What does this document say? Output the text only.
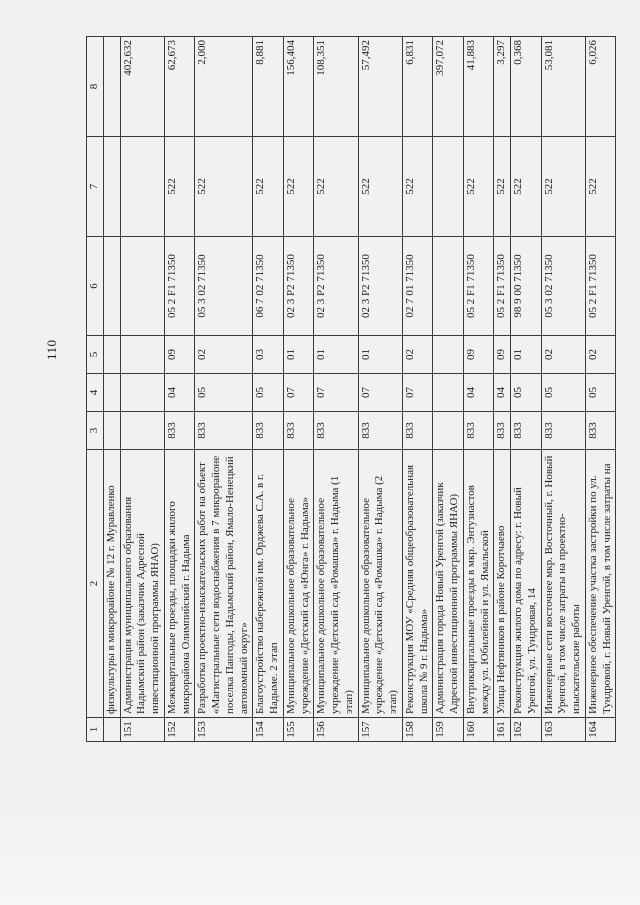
110
1	2	3	4	5	6	7	8
	физкультуры в микрорайоне № 12 г. Муравленко						
151	Администрация муниципального образования Надымский район (заказчик Адресной инвестиционной программы ЯНАО)						402,632
152	Межквартальные проезды, площадки жилого микрорайона Олимпийский г. Надыма	833	04	09	05 2 F1 71350	522	62,673
153	Разработка проектно-изыскательских работ на объект «Магистральные сети водоснабжения в 7 микрорайоне поселка Пангоды, Надымский район, Ямало-Ненецкий автономный округ»	833	05	02	05 3 02 71350	522	2,000
154	Благоустройство набережной им. Орджева С.А. в г. Надыме. 2 этап	833	05	03	06 7 02 71350	522	8,881
155	Муниципальное дошкольное образовательное учреждение «Детский сад «Юнга» г. Надыма»	833	07	01	02 3 P2 71350	522	156,404
156	Муниципальное дошкольное образовательное учреждение «Детский сад «Ромашка» г. Надыма (1 этап)	833	07	01	02 3 P2 71350	522	108,351
157	Муниципальное дошкольное образовательное учреждение «Детский сад «Ромашка» г. Надыма (2 этап)	833	07	01	02 3 P2 71350	522	57,492
158	Реконструкция МОУ «Средняя общеобразовательная школа № 9 г. Надыма»	833	07	02	02 7 01 71350	522	6,831
159	Администрация города Новый Уренгой (заказчик Адресной инвестиционной программы ЯНАО)						397,072
160	Внутриквартальные проезды в мкр. Энтузиастов между ул. Юбилейной и ул. Ямальской	833	04	09	05 2 F1 71350	522	41,883
161	Улица Нефтяников в районе Коротчаево	833	04	09	05 2 F1 71350	522	3,297
162	Реконструкция жилого дома по адресу: г. Новый Уренгой, ул. Тундровая, 14	833	05	01	98 9 00 71350	522	0,368
163	Инженерные сети восточнее мкр. Восточный, г. Новый Уренгой, в том числе затраты на проектно-изыскательские работы	833	05	02	05 3 02 71350	522	53,081
164	Инженерное обеспечение участка застройки по ул. Тундровой, г. Новый Уренгой, в том числе затраты на	833	05	02	05 2 F1 71350	522	6,026
